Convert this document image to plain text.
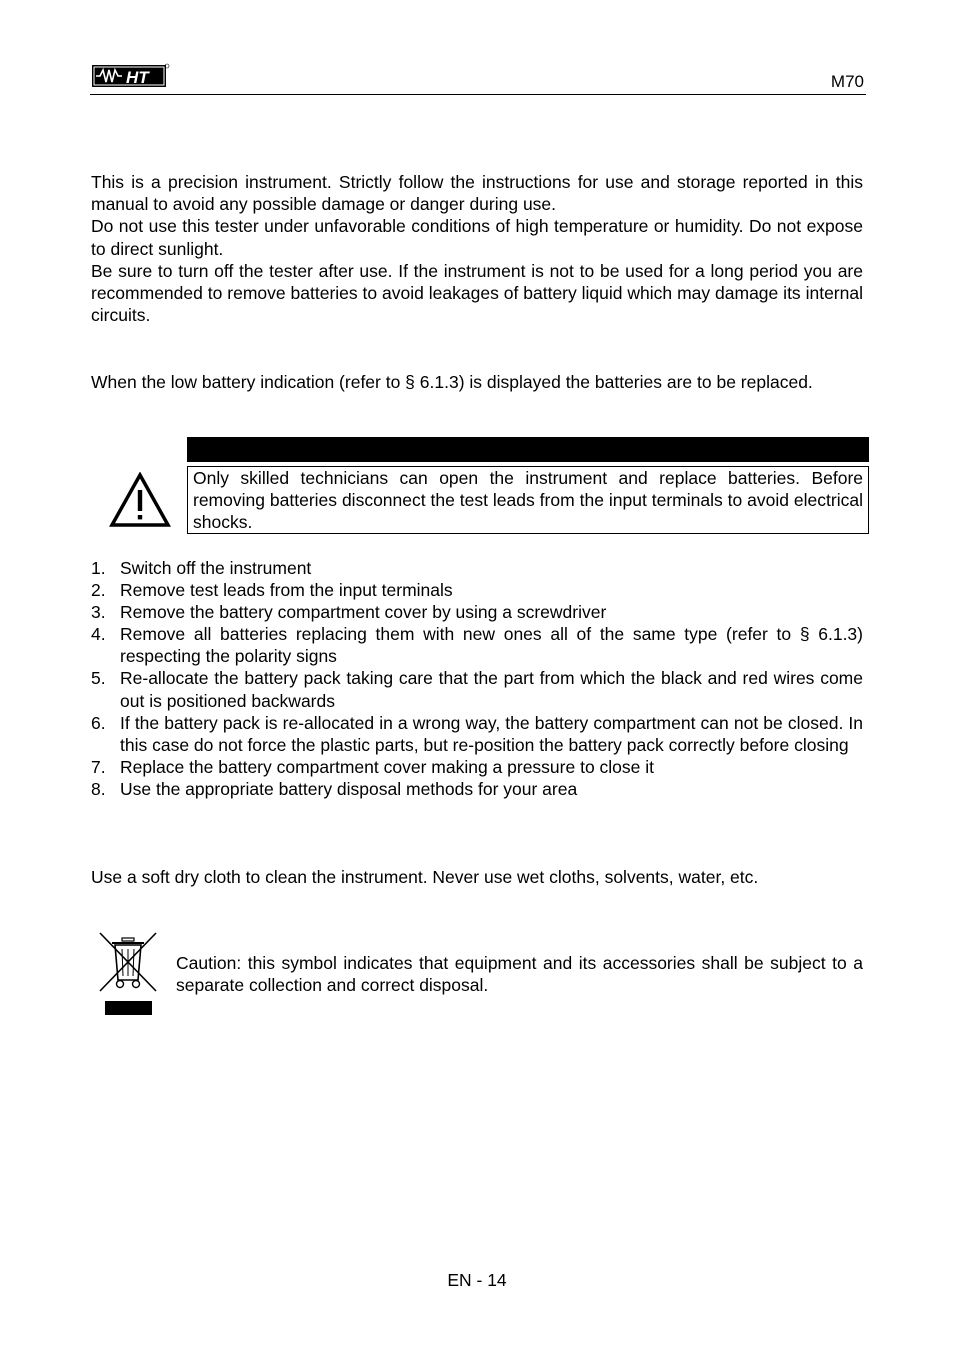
HT	M70

This is a precision instrument. Strictly follow the instructions for use and storage reported in this manual to avoid any possible damage or danger during use.

Do not use this tester under unfavorable conditions of high temperature or humidity. Do not expose to direct sunlight.

Be sure to turn off the tester after use. If the instrument is not to be used for a long period you are recommended to remove batteries to avoid leakages of battery liquid which may damage its internal circuits.

When the low battery indication (refer to § 6.1.3) is displayed the batteries are to be replaced.
Only skilled technicians can open the instrument and replace batteries. Before removing batteries disconnect the test leads from the input terminals to avoid electrical shocks.
1. Switch off the instrument
2. Remove test leads from the input terminals
3. Remove the battery compartment cover by using a screwdriver
4. Remove all batteries replacing them with new ones all of the same type (refer to § 6.1.3) respecting the polarity signs
5. Re-allocate the battery pack taking care that the part from which the black and red wires come out is positioned backwards
6. If the battery pack is re-allocated in a wrong way, the battery compartment can not be closed. In this case do not force the plastic parts, but re-position the battery pack correctly before closing
7. Replace the battery compartment cover making a pressure to close it
8. Use the appropriate battery disposal methods for your area
Use a soft dry cloth to clean the instrument. Never use wet cloths, solvents, water, etc.
Caution: this symbol indicates that equipment and its accessories shall be subject to a separate collection and correct disposal.
EN - 14
